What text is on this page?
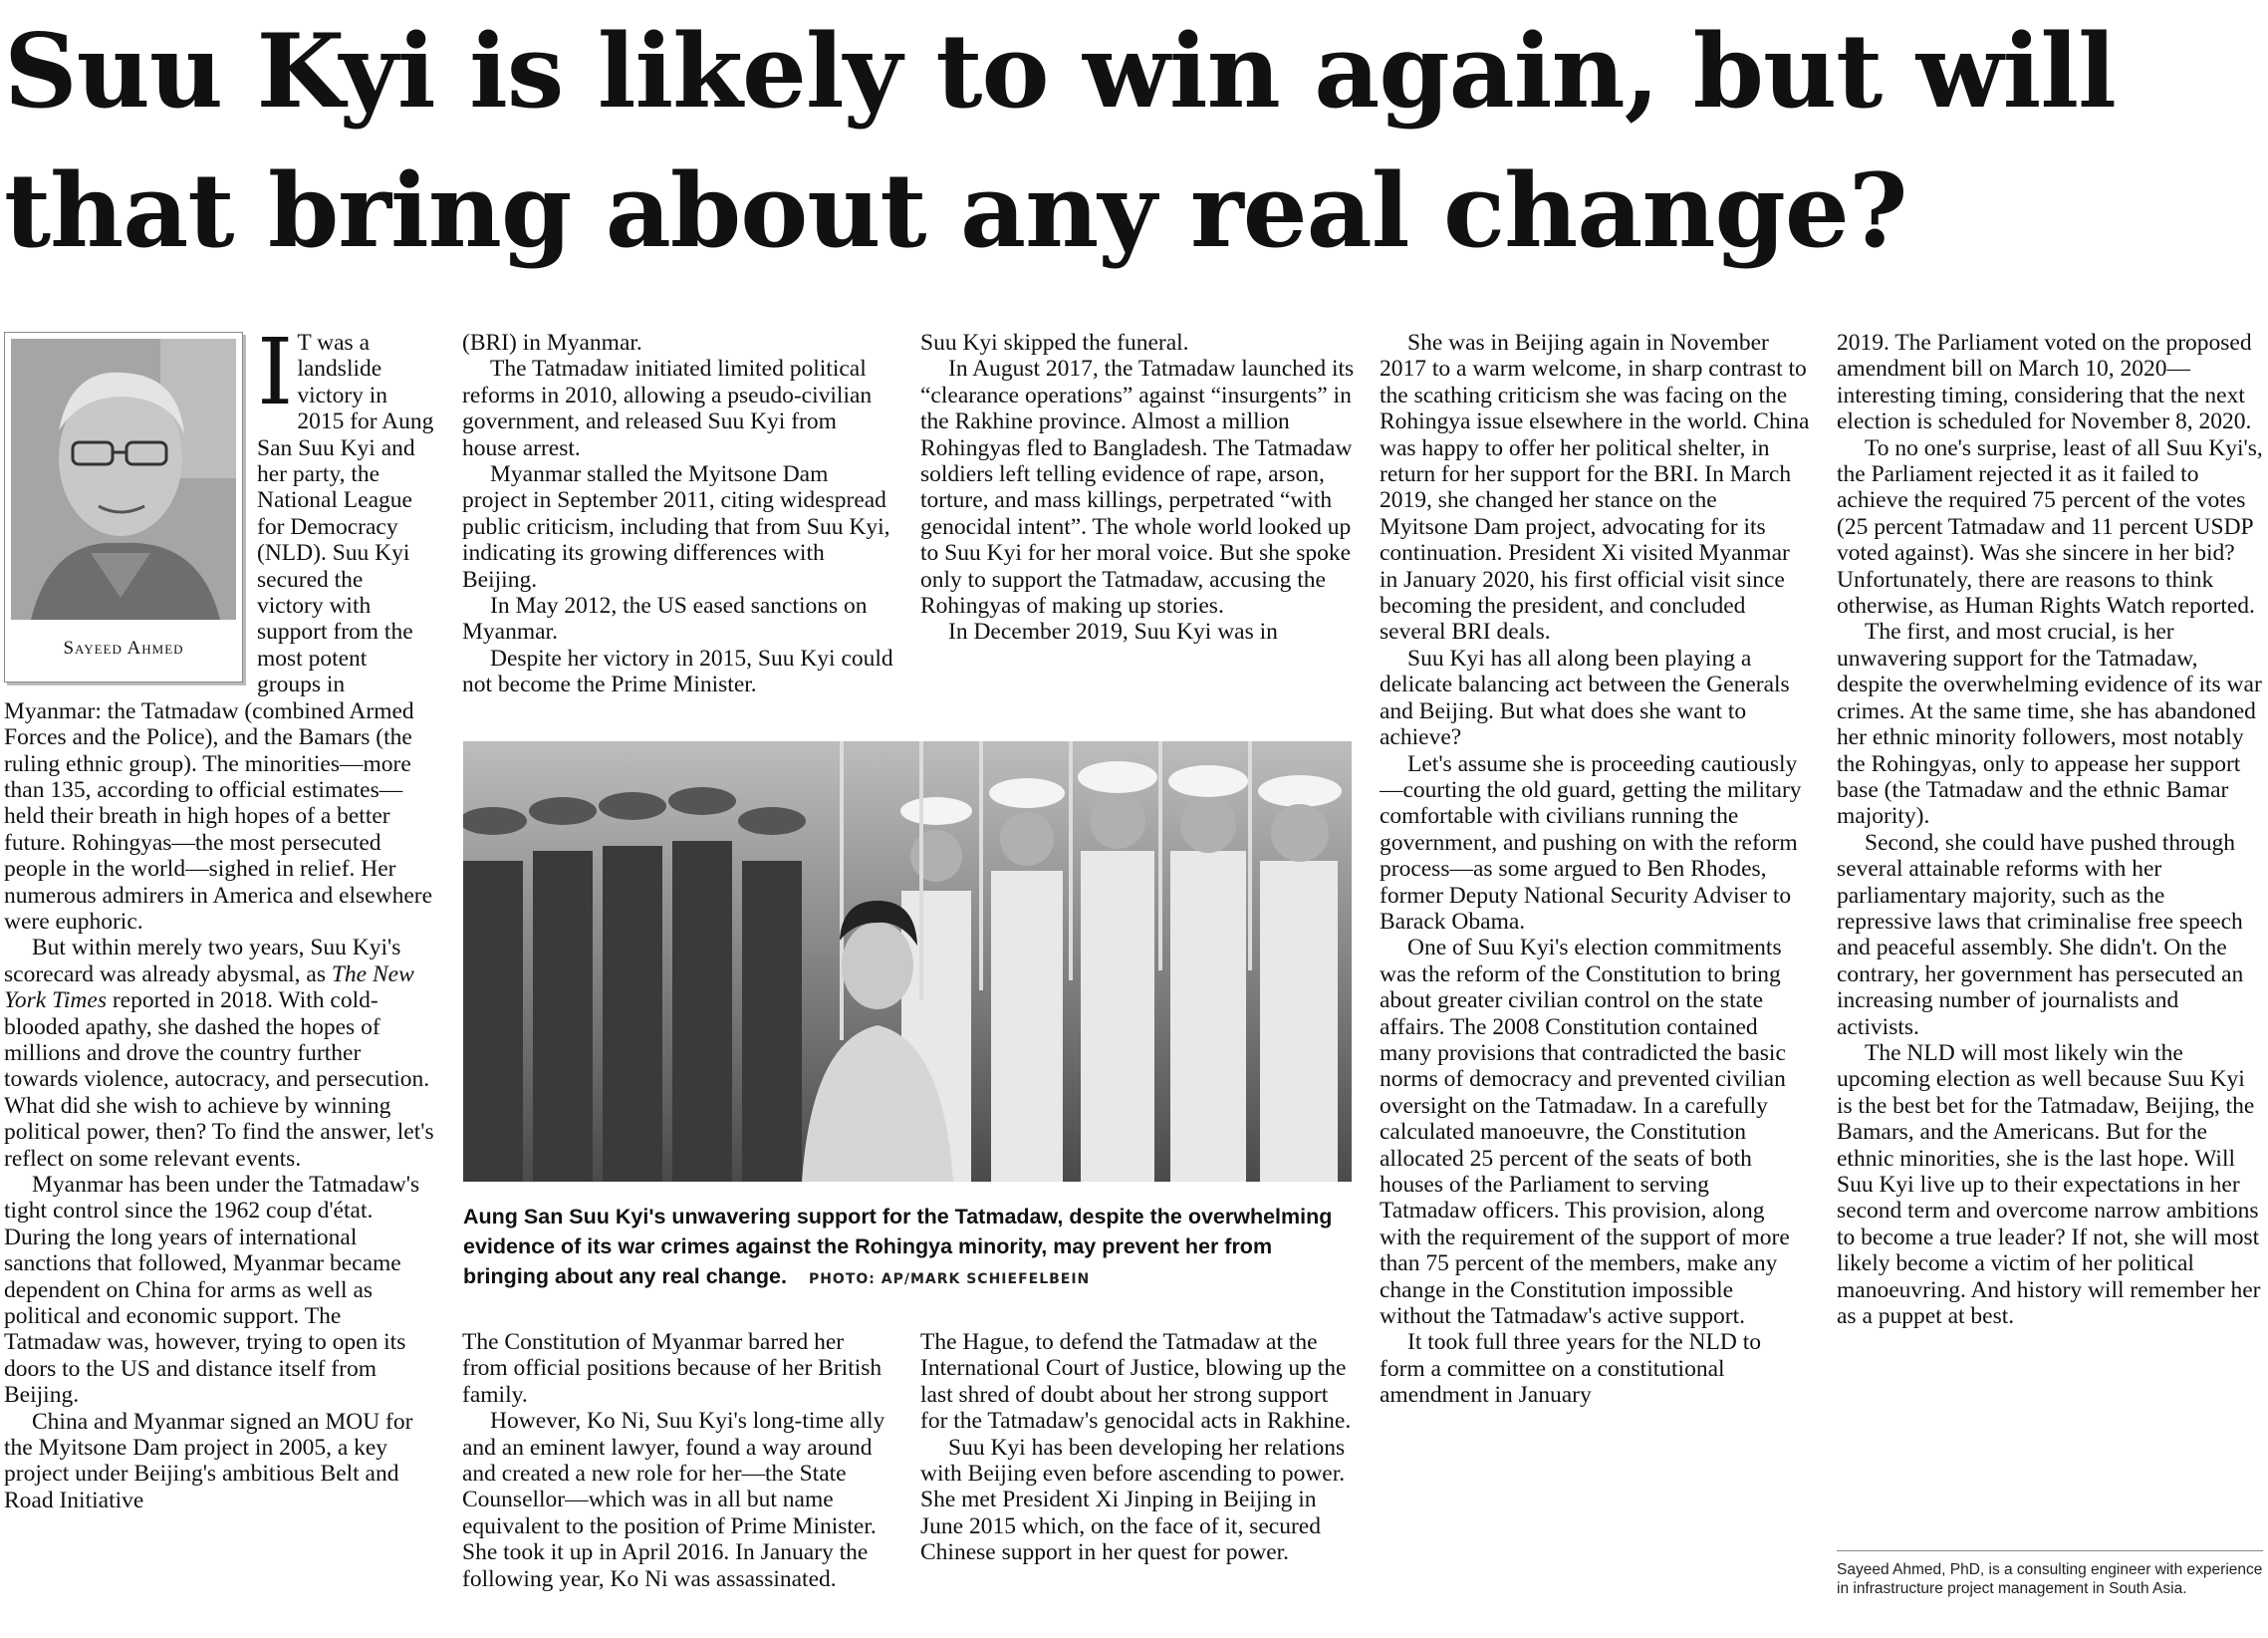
Suu Kyi is likely to win again, but will
that bring about any real change?
Sayeed Ahmed
I T was a landslide victory in 2015 for Aung San Suu Kyi and her party, the National League for Democracy (NLD). Suu Kyi secured the victory with support from the most potent groups in Myanmar: the Tatmadaw (combined Armed Forces and the Police), and the Bamars (the ruling ethnic group). The minorities—more than 135, according to official estimates—held their breath in high hopes of a better future. Rohingyas—the most persecuted people in the world—sighed in relief. Her numerous admirers in America and elsewhere were euphoric.

But within merely two years, Suu Kyi's scorecard was already abysmal, as The New York Times reported in 2018. With cold-blooded apathy, she dashed the hopes of millions and drove the country further towards violence, autocracy, and persecution. What did she wish to achieve by winning political power, then? To find the answer, let's reflect on some relevant events.

Myanmar has been under the Tatmadaw's tight control since the 1962 coup d'état. During the long years of international sanctions that followed, Myanmar became dependent on China for arms as well as political and economic support. The Tatmadaw was, however, trying to open its doors to the US and distance itself from Beijing.

China and Myanmar signed an MOU for the Myitsone Dam project in 2005, a key project under Beijing's ambitious Belt and Road Initiative

(BRI) in Myanmar.

The Tatmadaw initiated limited political reforms in 2010, allowing a pseudo-civilian government, and released Suu Kyi from house arrest.

Myanmar stalled the Myitsone Dam project in September 2011, citing widespread public criticism, including that from Suu Kyi, indicating its growing differences with Beijing.

In May 2012, the US eased sanctions on Myanmar.

Despite her victory in 2015, Suu Kyi could not become the Prime Minister.

Suu Kyi skipped the funeral.

In August 2017, the Tatmadaw launched its “clearance operations” against “insurgents” in the Rakhine province. Almost a million Rohingyas fled to Bangladesh. The Tatmadaw soldiers left telling evidence of rape, arson, torture, and mass killings, perpetrated “with genocidal intent”. The whole world looked up to Suu Kyi for her moral voice. But she spoke only to support the Tatmadaw, accusing the Rohingyas of making up stories.

In December 2019, Suu Kyi was in

Aung San Suu Kyi's unwavering support for the Tatmadaw, despite the overwhelming evidence of its war crimes against the Rohingya minority, may prevent her from bringing about any real change. PHOTO: AP/MARK SCHIEFELBEIN

The Constitution of Myanmar barred her from official positions because of her British family.

However, Ko Ni, Suu Kyi's long-time ally and an eminent lawyer, found a way around and created a new role for her—the State Counsellor—which was in all but name equivalent to the position of Prime Minister. She took it up in April 2016. In January the following year, Ko Ni was assassinated.

The Hague, to defend the Tatmadaw at the International Court of Justice, blowing up the last shred of doubt about her strong support for the Tatmadaw's genocidal acts in Rakhine.

Suu Kyi has been developing her relations with Beijing even before ascending to power. She met President Xi Jinping in Beijing in June 2015 which, on the face of it, secured Chinese support in her quest for power.

She was in Beijing again in November 2017 to a warm welcome, in sharp contrast to the scathing criticism she was facing on the Rohingya issue elsewhere in the world. China was happy to offer her political shelter, in return for her support for the BRI. In March 2019, she changed her stance on the Myitsone Dam project, advocating for its continuation. President Xi visited Myanmar in January 2020, his first official visit since becoming the president, and concluded several BRI deals.

Suu Kyi has all along been playing a delicate balancing act between the Generals and Beijing. But what does she want to achieve?

Let's assume she is proceeding cautiously—courting the old guard, getting the military comfortable with civilians running the government, and pushing on with the reform process—as some argued to Ben Rhodes, former Deputy National Security Adviser to Barack Obama.

One of Suu Kyi's election commitments was the reform of the Constitution to bring about greater civilian control on the state affairs. The 2008 Constitution contained many provisions that contradicted the basic norms of democracy and prevented civilian oversight on the Tatmadaw. In a carefully calculated manoeuvre, the Constitution allocated 25 percent of the seats of both houses of the Parliament to serving Tatmadaw officers. This provision, along with the requirement of the support of more than 75 percent of the members, make any change in the Constitution impossible without the Tatmadaw's active support.

It took full three years for the NLD to form a committee on a constitutional amendment in January

2019. The Parliament voted on the proposed amendment bill on March 10, 2020—interesting timing, considering that the next election is scheduled for November 8, 2020.

To no one's surprise, least of all Suu Kyi's, the Parliament rejected it as it failed to achieve the required 75 percent of the votes (25 percent Tatmadaw and 11 percent USDP voted against). Was she sincere in her bid? Unfortunately, there are reasons to think otherwise, as Human Rights Watch reported.

The first, and most crucial, is her unwavering support for the Tatmadaw, despite the overwhelming evidence of its war crimes. At the same time, she has abandoned her ethnic minority followers, most notably the Rohingyas, only to appease her support base (the Tatmadaw and the ethnic Bamar majority).

Second, she could have pushed through several attainable reforms with her parliamentary majority, such as the repressive laws that criminalise free speech and peaceful assembly. She didn't. On the contrary, her government has persecuted an increasing number of journalists and activists.

The NLD will most likely win the upcoming election as well because Suu Kyi is the best bet for the Tatmadaw, Beijing, the Bamars, and the Americans. But for the ethnic minorities, she is the last hope. Will Suu Kyi live up to their expectations in her second term and overcome narrow ambitions to become a true leader? If not, she will most likely become a victim of her political manoeuvring. And history will remember her as a puppet at best.

Sayeed Ahmed, PhD, is a consulting engineer with experience in infrastructure project management in South Asia.
